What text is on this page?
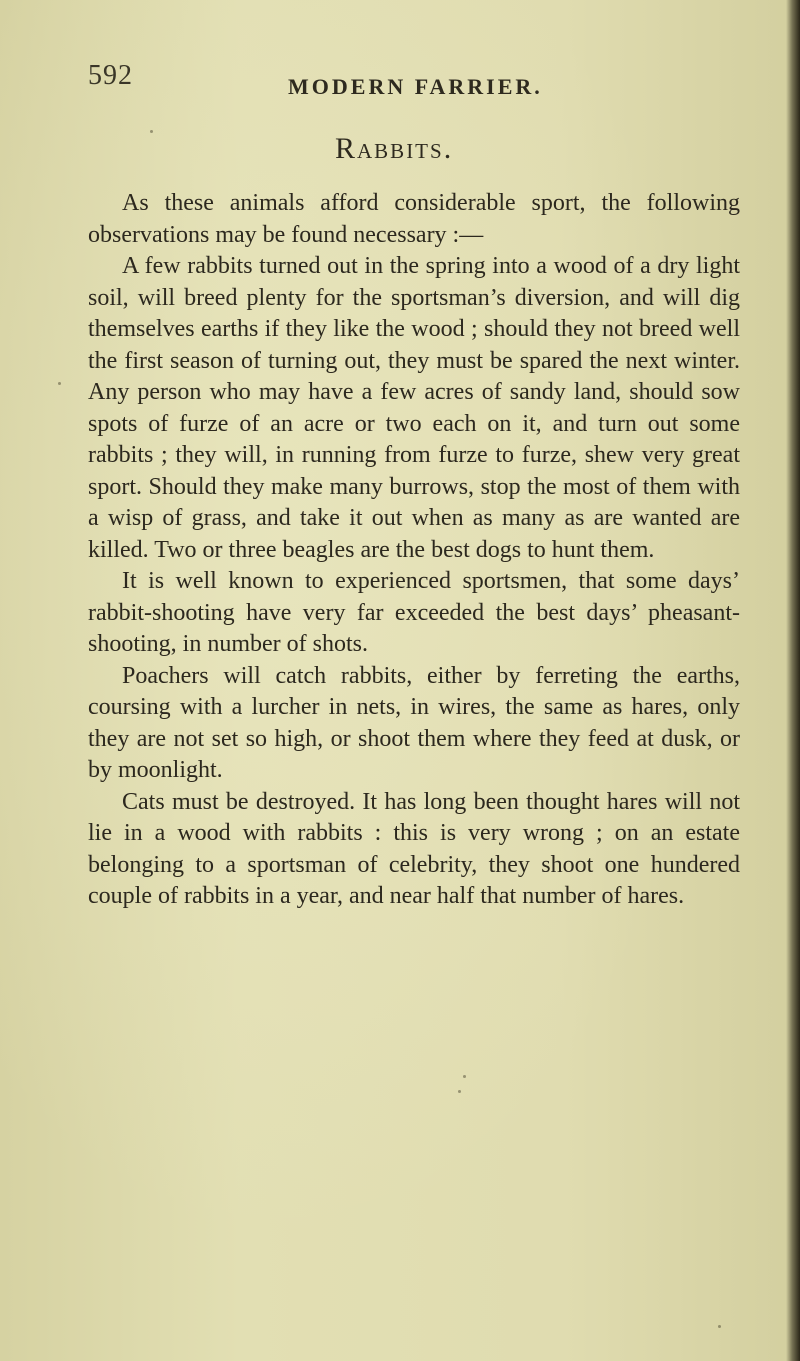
592	MODERN FARRIER.
Rabbits.

As these animals afford considerable sport, the following observations may be found necessary :—

A few rabbits turned out in the spring into a wood of a dry light soil, will breed plenty for the sportsman’s diversion, and will dig themselves earths if they like the wood ; should they not breed well the first season of turning out, they must be spared the next winter. Any person who may have a few acres of sandy land, should sow spots of furze of an acre or two each on it, and turn out some rabbits ; they will, in running from furze to furze, shew very great sport. Should they make many burrows, stop the most of them with a wisp of grass, and take it out when as many as are wanted are killed. Two or three beagles are the best dogs to hunt them.

It is well known to experienced sportsmen, that some days’ rabbit-shooting have very far exceeded the best days’ pheasant-shooting, in number of shots.

Poachers will catch rabbits, either by ferreting the earths, coursing with a lurcher in nets, in wires, the same as hares, only they are not set so high, or shoot them where they feed at dusk, or by moonlight.

Cats must be destroyed. It has long been thought hares will not lie in a wood with rabbits : this is very wrong ; on an estate belonging to a sportsman of celebrity, they shoot one hundered couple of rabbits in a year, and near half that number of hares.
